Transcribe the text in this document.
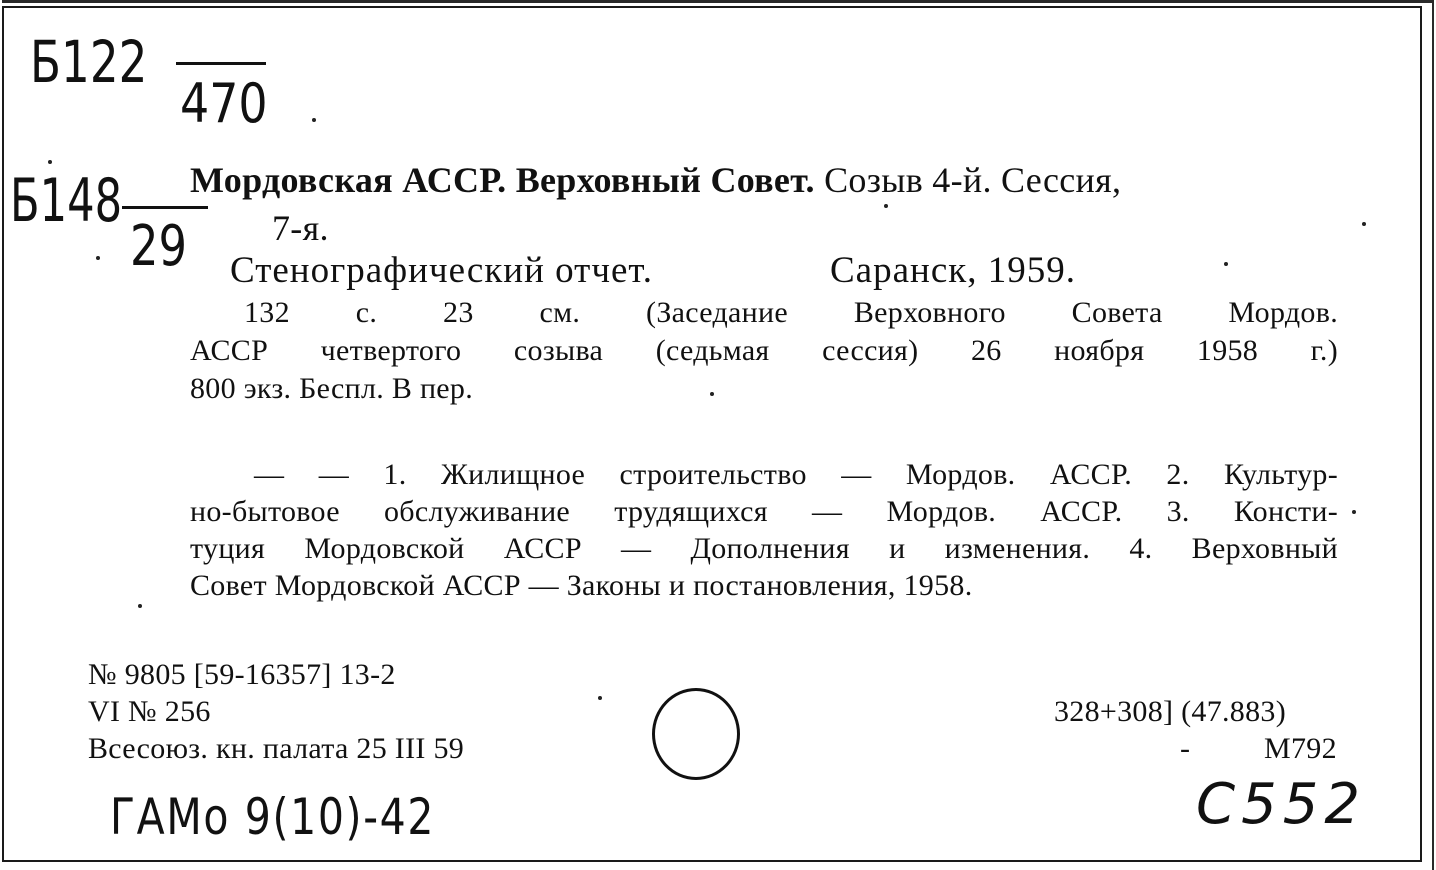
Б122
470
Б148
29
Мордовская АССР. Верховный Совет. Созыв 4-й. Сессия,
7-я.
Стенографический отчет.	Саранск, 1959.
132 с. 23 см. (Заседание Верховного Совета Мордов.
АССР четвертого созыва (седьмая сессия) 26 ноября 1958 г.)
800 экз. Беспл. В пер.
— — 1. Жилищное строительство — Мордов. АССР. 2. Культур-
но-бытовое обслуживание трудящихся — Мордов. АССР. 3. Консти-
туция Мордовской АССР — Дополнения и изменения. 4. Верховный
Совет Мордовской АССР — Законы и постановления, 1958.
№ 9805 [59-16357] 13-2
VI № 256
Всесоюз. кн. палата 25 III 59
328+308] (47.883)
- М792
ГАМо 9(10)-42	C552
